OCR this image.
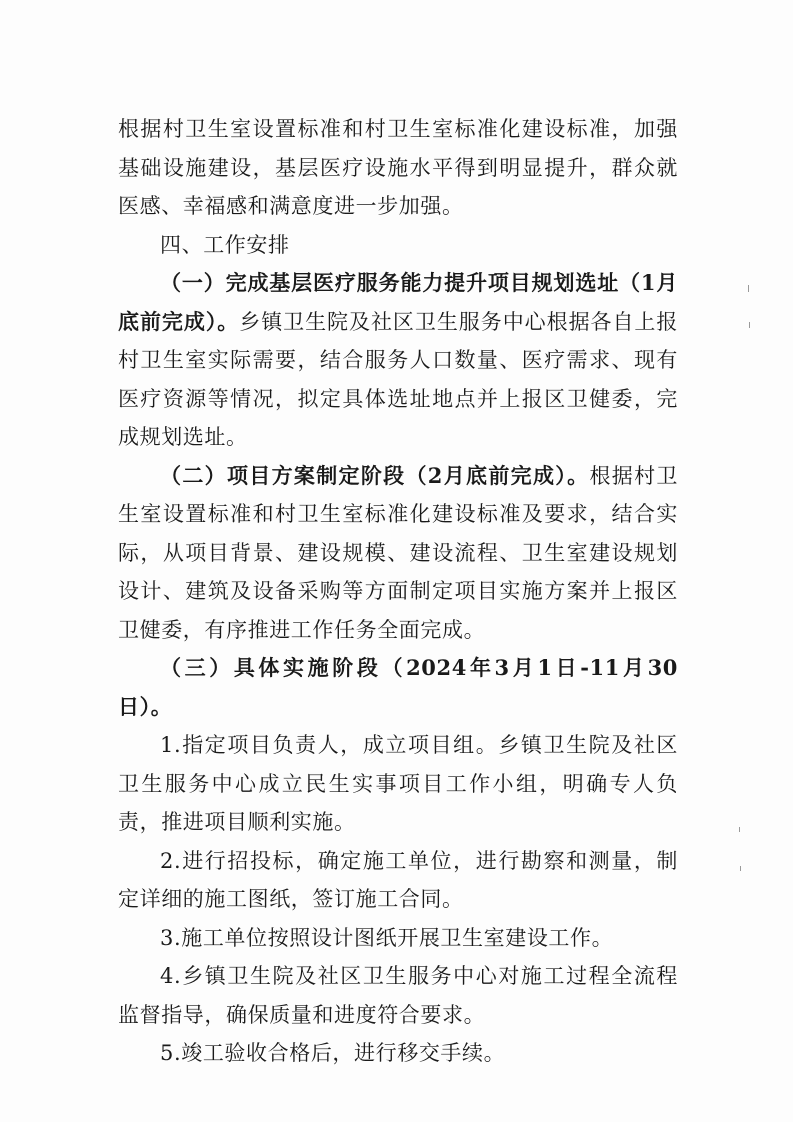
根据村卫生室设置标准和村卫生室标准化建设标准，加强基础设施建设，基层医疗设施水平得到明显提升，群众就医感、幸福感和满意度进一步加强。

四、工作安排

（一）完成基层医疗服务能力提升项目规划选址（1月底前完成）。乡镇卫生院及社区卫生服务中心根据各自上报村卫生室实际需要，结合服务人口数量、医疗需求、现有医疗资源等情况，拟定具体选址地点并上报区卫健委，完成规划选址。

（二）项目方案制定阶段（2月底前完成）。根据村卫生室设置标准和村卫生室标准化建设标准及要求，结合实际，从项目背景、建设规模、建设流程、卫生室建设规划设计、建筑及设备采购等方面制定项目实施方案并上报区卫健委，有序推进工作任务全面完成。

（三）具体实施阶段（2024年3月1日-11月30日）。

1.指定项目负责人，成立项目组。乡镇卫生院及社区卫生服务中心成立民生实事项目工作小组，明确专人负责，推进项目顺利实施。

2.进行招投标，确定施工单位，进行勘察和测量，制定详细的施工图纸，签订施工合同。

3.施工单位按照设计图纸开展卫生室建设工作。

4.乡镇卫生院及社区卫生服务中心对施工过程全流程监督指导，确保质量和进度符合要求。

5.竣工验收合格后，进行移交手续。
